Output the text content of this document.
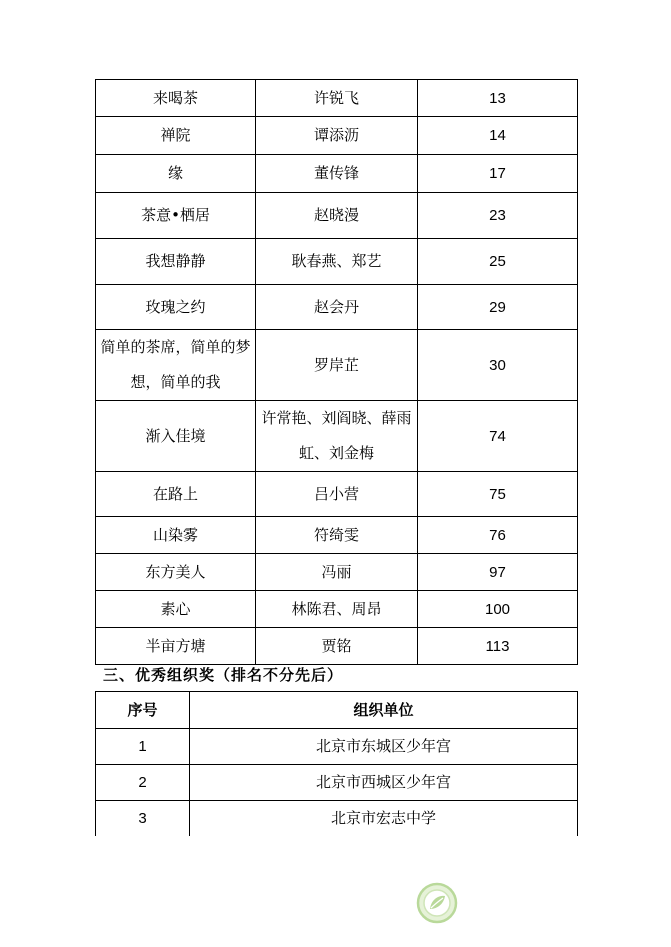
来喝茶	许锐飞	13
禅院	谭添沥	14
缘	董传锋	17
茶意•栖居	赵晓漫	23
我想静静	耿春燕、郑艺	25
玫瑰之约	赵会丹	29
简单的茶席，简单的梦想，简单的我	罗岸芷	30
渐入佳境	许常艳、刘阎晓、薛雨虹、刘金梅	74
在路上	吕小营	75
山染雾	符绮雯	76
东方美人	冯丽	97
素心	林陈君、周昂	100
半亩方塘	贾铭	113
三、优秀组织奖（排名不分先后）
序号	组织单位
1	北京市东城区少年宫
2	北京市西城区少年宫
3	北京市宏志中学
